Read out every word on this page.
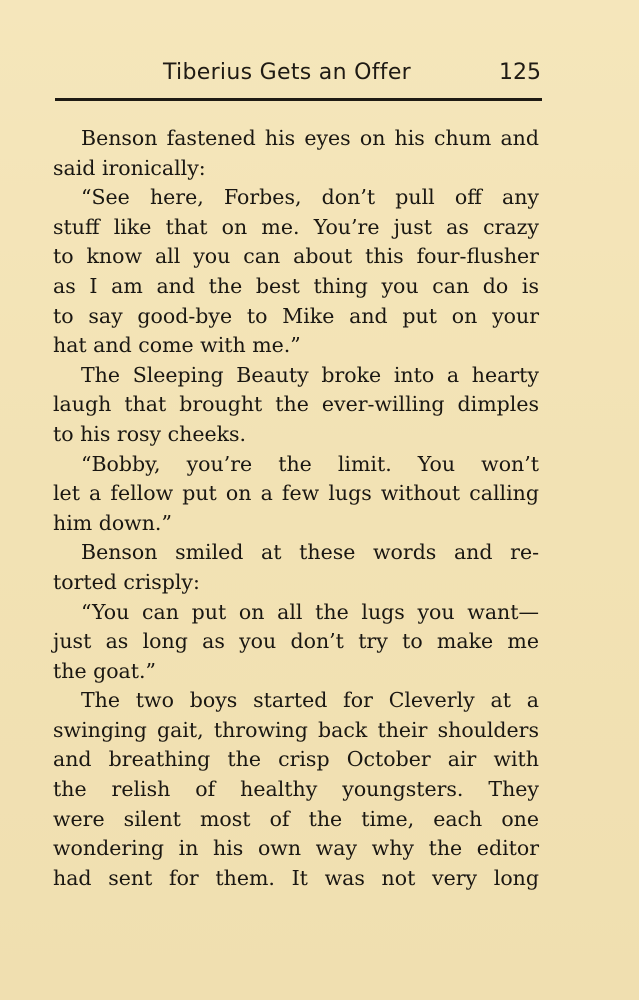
Tiberius Gets an Offer	125
Benson fastened his eyes on his chum and
said ironically:
“See here, Forbes, don’t pull off any
stuff like that on me. You’re just as crazy
to know all you can about this four-flusher
as I am and the best thing you can do is
to say good-bye to Mike and put on your
hat and come with me.”
The Sleeping Beauty broke into a hearty
laugh that brought the ever-willing dimples
to his rosy cheeks.
“Bobby, you’re the limit. You won’t
let a fellow put on a few lugs without calling
him down.”
Benson smiled at these words and re-
torted crisply:
“You can put on all the lugs you want—
just as long as you don’t try to make me
the goat.”
The two boys started for Cleverly at a
swinging gait, throwing back their shoulders
and breathing the crisp October air with
the relish of healthy youngsters. They
were silent most of the time, each one
wondering in his own way why the editor
had sent for them. It was not very long
